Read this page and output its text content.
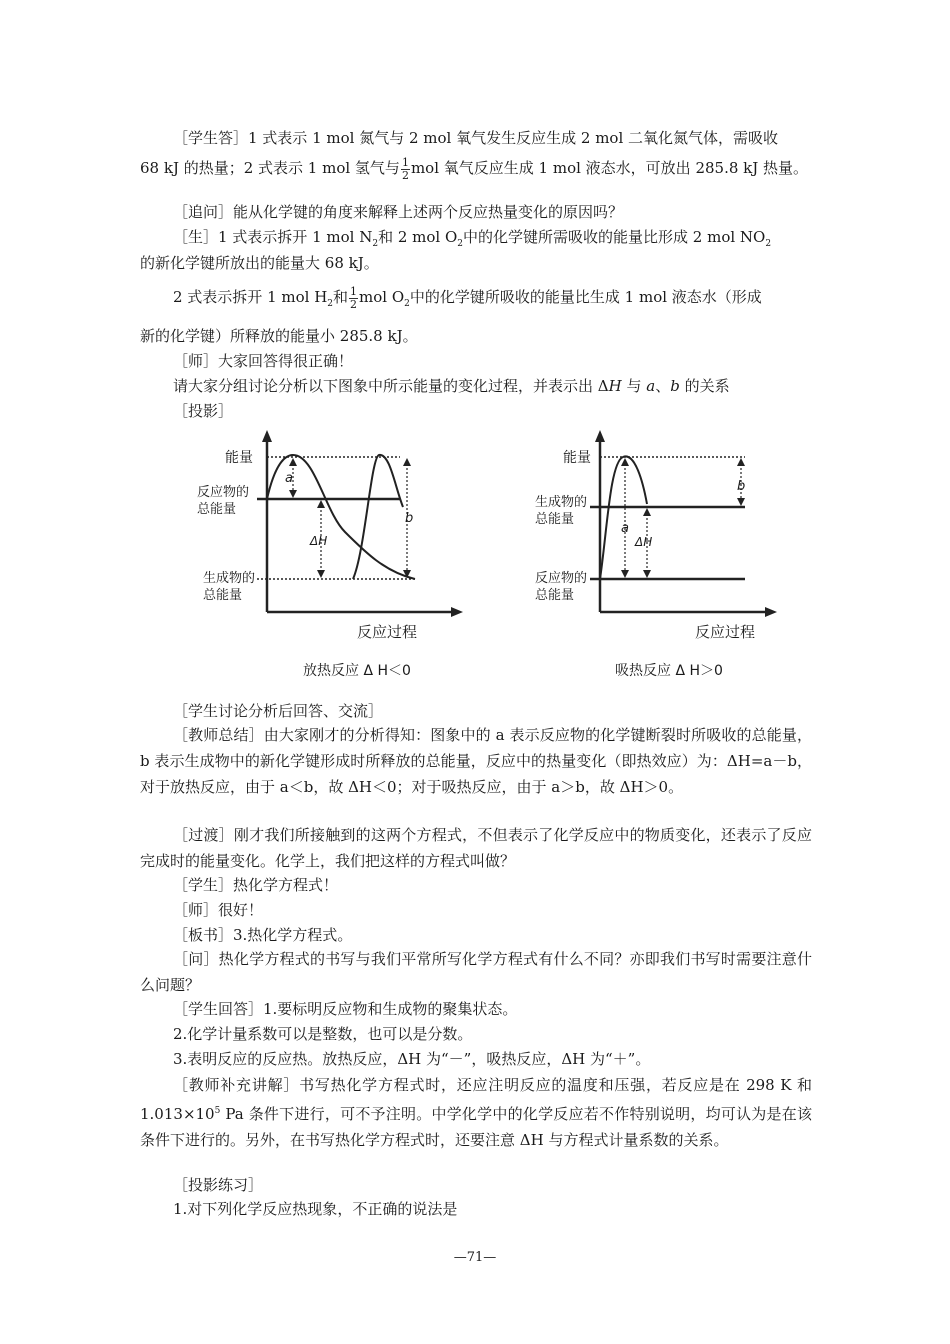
［学生答］1 式表示 1 mol 氮气与 2 mol 氧气发生反应生成 2 mol 二氧化氮气体，需吸收
68 kJ 的热量；2 式表示 1 mol 氢气与 $\frac{1}{2}$ mol 氧气反应生成 1 mol 液态水，可放出 285.8 kJ 热量。
［追问］能从化学键的角度来解释上述两个反应热量变化的原因吗？
［生］1 式表示拆开 1 mol $N_2$和 2 mol $O_2$中的化学键所需吸收的能量比形成 2 mol $NO_2$
的新化学键所放出的能量大 68 kJ。
2 式表示拆开 1 mol $H_2$和 $\frac{1}{2}$ mol $O_2$中的化学键所吸收的能量比生成 1 mol 液态水（形成
新的化学键）所释放的能量小 285.8 kJ。
［师］大家回答得很正确！
请大家分组讨论分析以下图象中所示能量的变化过程，并表示出 ΔH 与 a、b 的关系
［投影］
能量
反应物的
总能量
生成物的
总能量
反应过程
a
ΔH
b
放热反应 Δ H＜0
能量
生成物的
总能量
反应物的
总能量
反应过程
a
ΔH
b
吸热反应 Δ H＞0
［学生讨论分析后回答、交流］
［教师总结］由大家刚才的分析得知：图象中的 a 表示反应物的化学键断裂时所吸收的总能量，b 表示生成物中的新化学键形成时所释放的总能量，反应中的热量变化（即热效应）为：ΔH=a－b， 对于放热反应，由于 a＜b，故 ΔH＜0；对于吸热反应，由于 a＞b，故 ΔH＞0。
［过渡］刚才我们所接触到的这两个方程式，不但表示了化学反应中的物质变化，还表示了反应完成时的能量变化。化学上，我们把这样的方程式叫做？
［学生］热化学方程式！
［师］很好！
［板书］3.热化学方程式。
［问］热化学方程式的书写与我们平常所写化学方程式有什么不同？亦即我们书写时需要注意什么问题？
［学生回答］1.要标明反应物和生成物的聚集状态。
2.化学计量系数可以是整数，也可以是分数。
3.表明反应的反应热。放热反应，ΔH 为“－”，吸热反应，ΔH 为“＋”。
［教师补充讲解］书写热化学方程式时，还应注明反应的温度和压强，若反应是在 298 K 和 $1.013\times 10^5$ Pa 条件下进行，可不予注明。中学化学中的化学反应若不作特别说明，均可认为是在该条件下进行的。另外，在书写热化学方程式时，还要注意 ΔH 与方程式计量系数的关系。
［投影练习］
1.对下列化学反应热现象，不正确的说法是
—71—
